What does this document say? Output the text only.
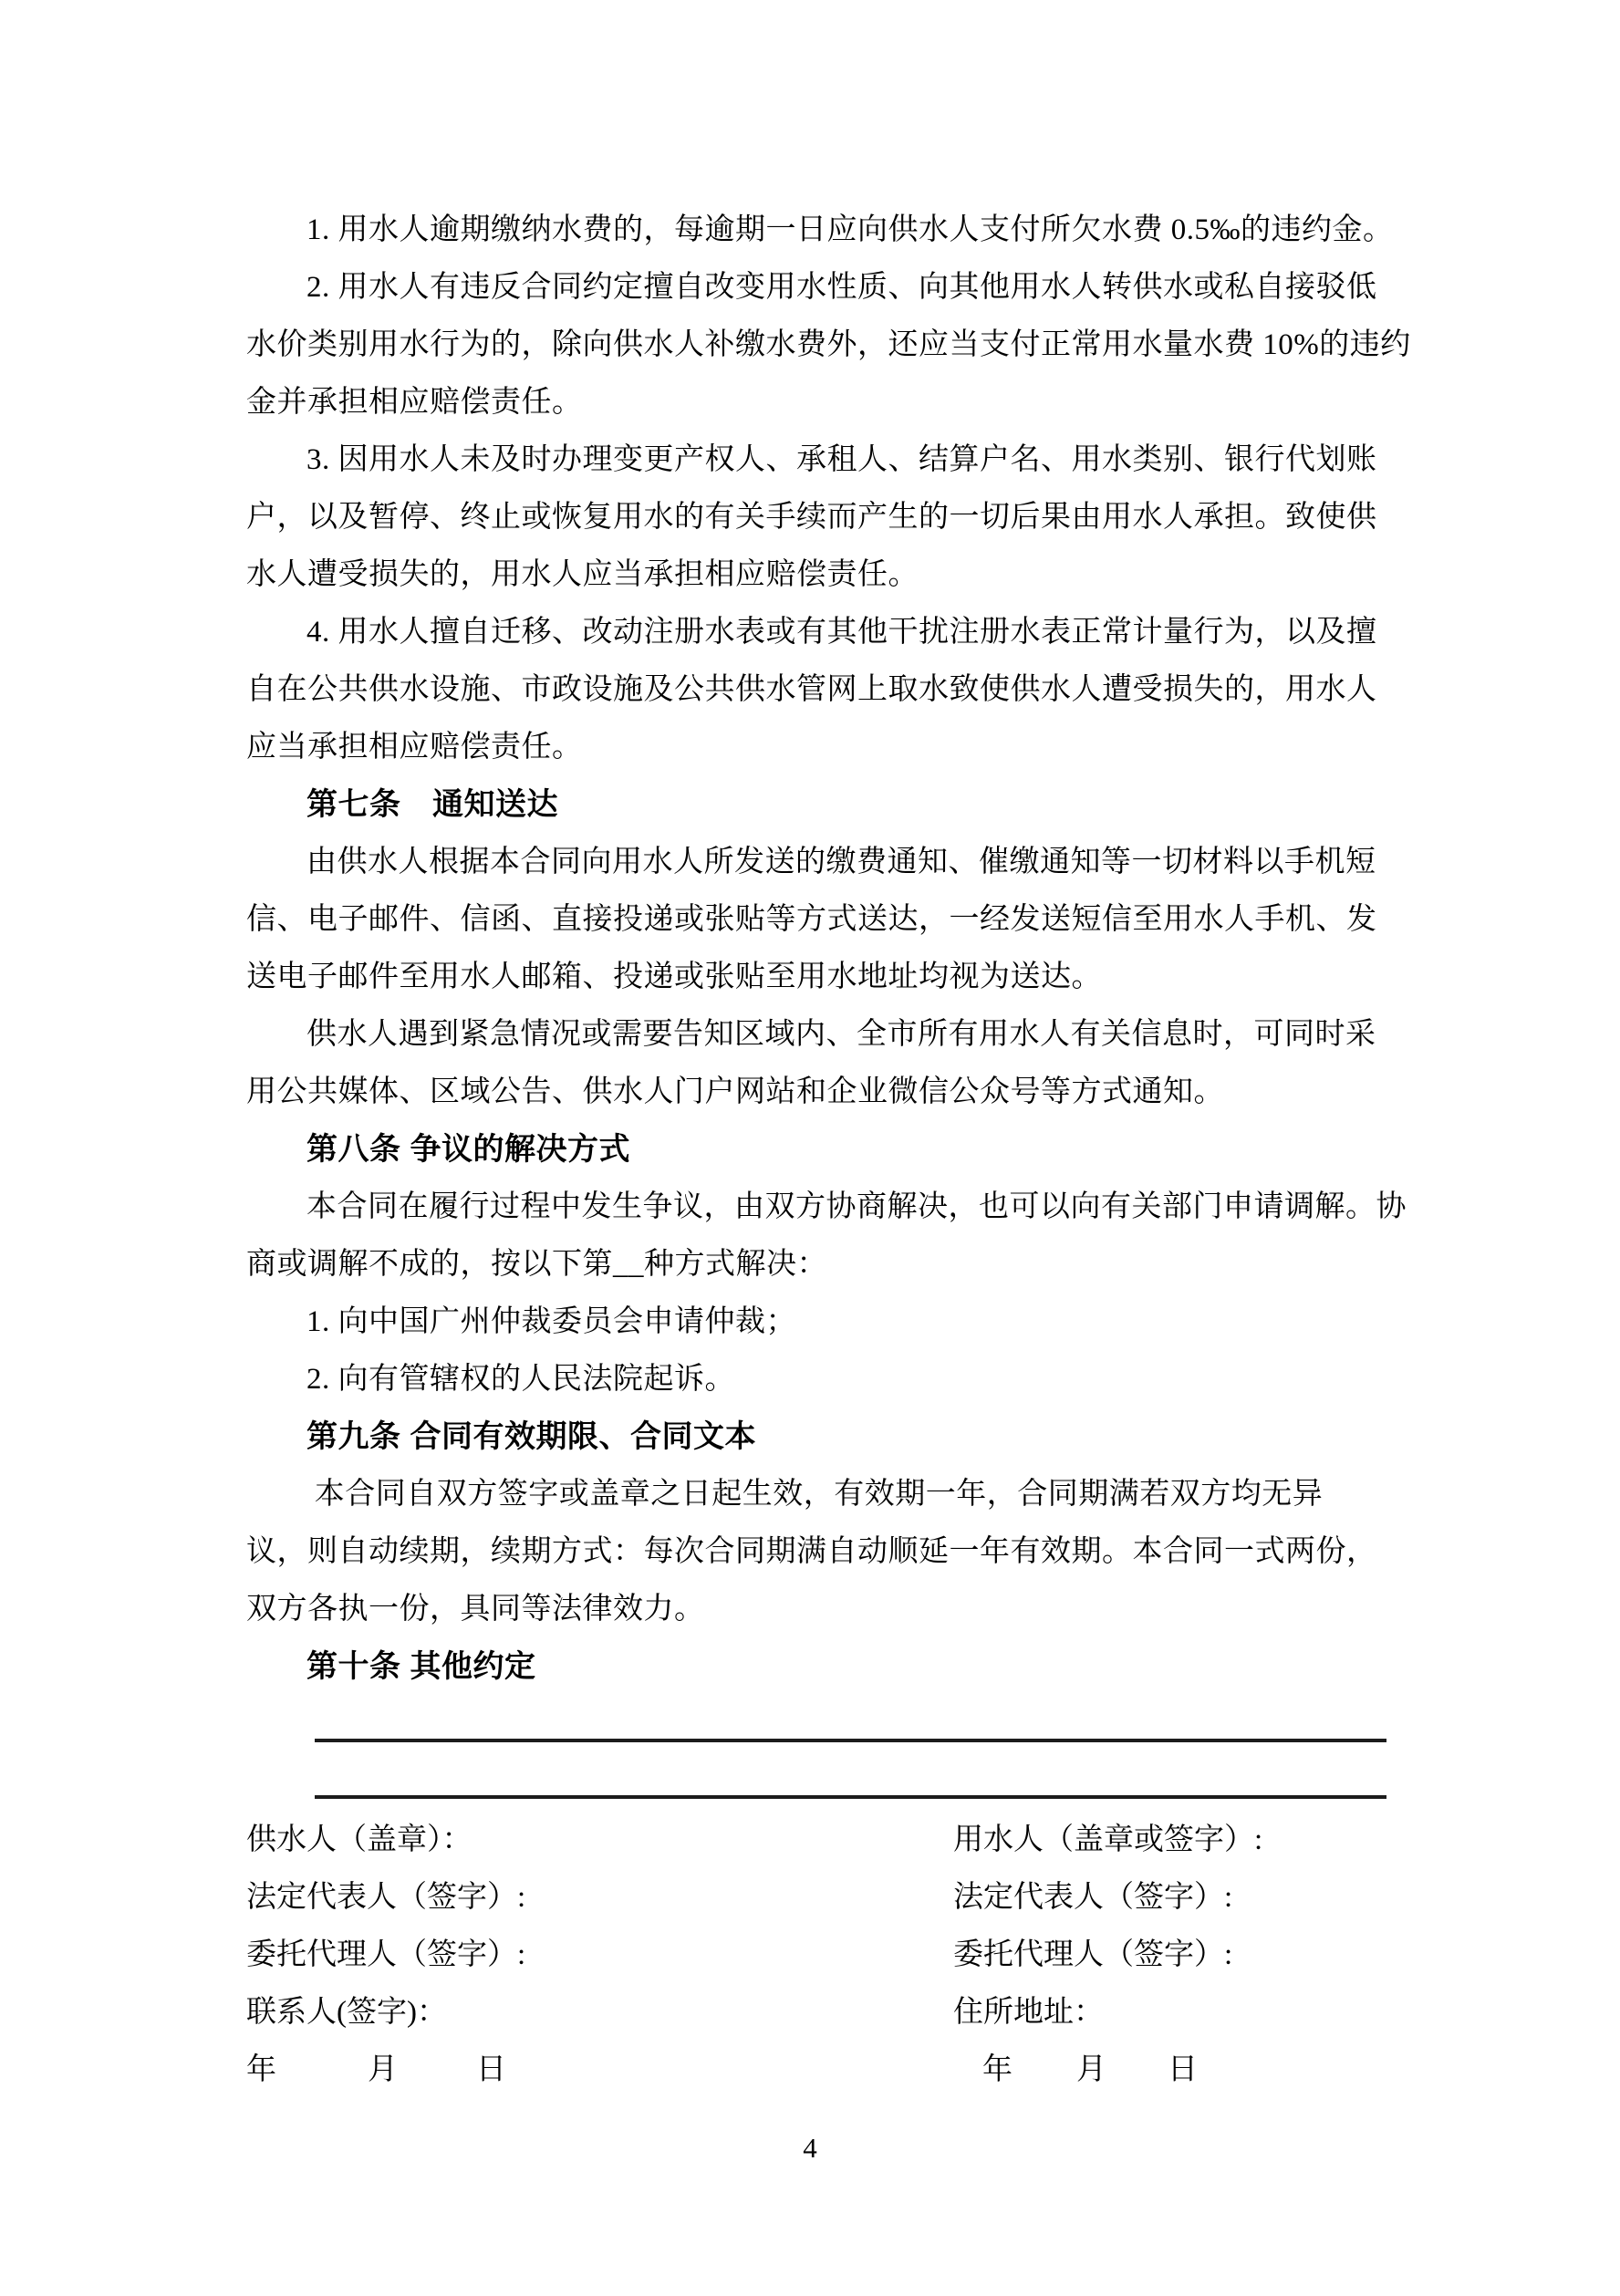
1. 用水人逾期缴纳水费的，每逾期一日应向供水人支付所欠水费 0.5‰的违约金。
2. 用水人有违反合同约定擅自改变用水性质、向其他用水人转供水或私自接驳低
水价类别用水行为的，除向供水人补缴水费外，还应当支付正常用水量水费 10%的违约
金并承担相应赔偿责任。
3. 因用水人未及时办理变更产权人、承租人、结算户名、用水类别、银行代划账
户，以及暂停、终止或恢复用水的有关手续而产生的一切后果由用水人承担。致使供
水人遭受损失的，用水人应当承担相应赔偿责任。
4. 用水人擅自迁移、改动注册水表或有其他干扰注册水表正常计量行为，以及擅
自在公共供水设施、市政设施及公共供水管网上取水致使供水人遭受损失的，用水人
应当承担相应赔偿责任。
第七条　通知送达
由供水人根据本合同向用水人所发送的缴费通知、催缴通知等一切材料以手机短
信、电子邮件、信函、直接投递或张贴等方式送达，一经发送短信至用水人手机、发
送电子邮件至用水人邮箱、投递或张贴至用水地址均视为送达。
供水人遇到紧急情况或需要告知区域内、全市所有用水人有关信息时，可同时采
用公共媒体、区域公告、供水人门户网站和企业微信公众号等方式通知。
第八条 争议的解决方式
本合同在履行过程中发生争议，由双方协商解决，也可以向有关部门申请调解。协
商或调解不成的，按以下第__种方式解决：
1. 向中国广州仲裁委员会申请仲裁；
2. 向有管辖权的人民法院起诉。
第九条 合同有效期限、合同文本
本合同自双方签字或盖章之日起生效，有效期一年，合同期满若双方均无异
议，则自动续期，续期方式：每次合同期满自动顺延一年有效期。本合同一式两份，
双方各执一份，具同等法律效力。
第十条 其他约定
供水人（盖章）：
法定代表人（签字）:
委托代理人（签字）:
联系人(签字)：
年	月	日
用水人（盖章或签字）:
法定代表人（签字）:
委托代理人（签字）:
住所地址：
年 月 日
4
